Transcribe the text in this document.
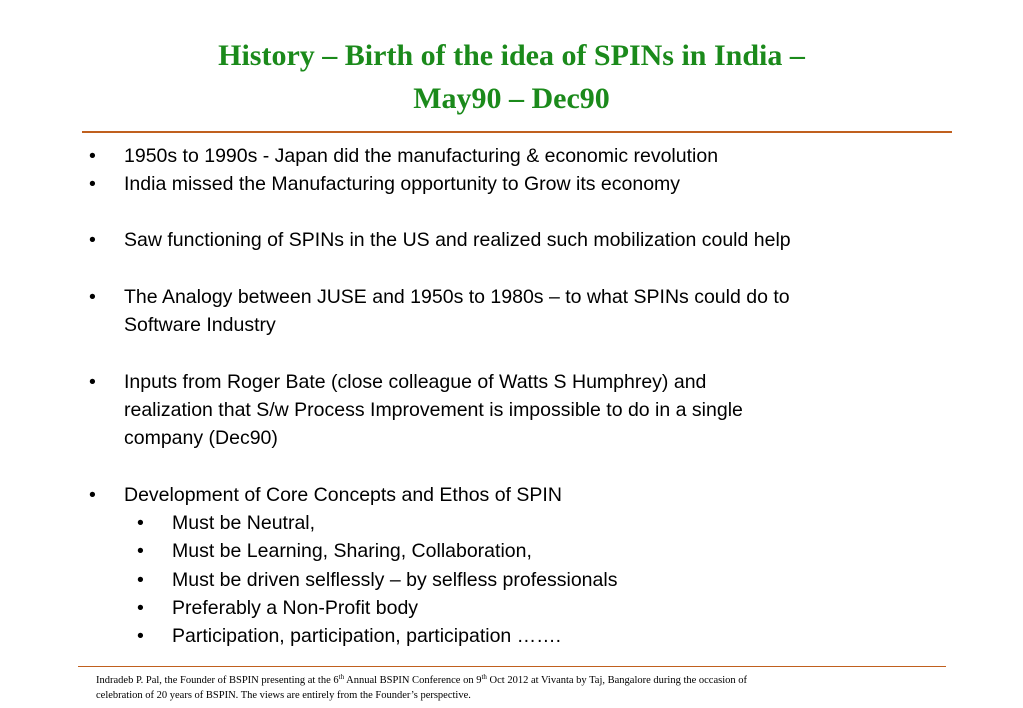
History – Birth of the idea of SPINs in India –
May90 – Dec90
• 1950s to 1990s - Japan did the manufacturing & economic revolution
• India missed the Manufacturing opportunity to Grow its economy
• Saw functioning of SPINs in the US and realized such mobilization could help
• The Analogy between JUSE and 1950s to 1980s – to what SPINs could do to
Software Industry
• Inputs from Roger Bate (close colleague of Watts S Humphrey) and
realization that S/w Process Improvement is impossible to do in a single
company (Dec90)
• Development of Core Concepts and Ethos of SPIN
• Must be Neutral,
• Must be Learning, Sharing, Collaboration,
• Must be driven selflessly – by selfless professionals
• Preferably a Non-Profit body
• Participation, participation, participation …….
Indradeb P. Pal, the Founder of BSPIN presenting at the 6th Annual BSPIN Conference on 9th Oct 2012 at Vivanta by Taj, Bangalore during the occasion of
celebration of 20 years of BSPIN. The views are entirely from the Founder’s perspective.
